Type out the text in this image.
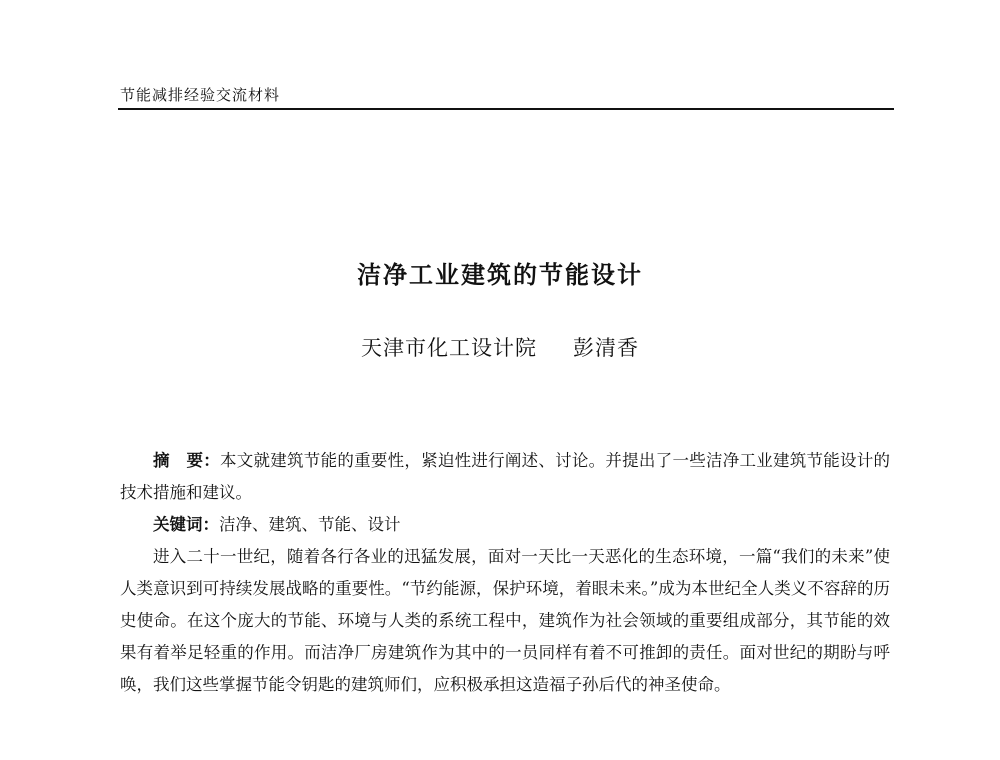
节能减排经验交流材料
洁净工业建筑的节能设计
天津市化工设计院 彭清香

摘　要：本文就建筑节能的重要性，紧迫性进行阐述、讨论。并提出了一些洁净工业建筑节能设计的技术措施和建议。

关键词：洁净、建筑、节能、设计

进入二十一世纪，随着各行各业的迅猛发展，面对一天比一天恶化的生态环境，一篇“我们的未来”使人类意识到可持续发展战略的重要性。“节约能源，保护环境，着眼未来。”成为本世纪全人类义不容辞的历史使命。在这个庞大的节能、环境与人类的系统工程中，建筑作为社会领域的重要组成部分，其节能的效果有着举足轻重的作用。而洁净厂房建筑作为其中的一员同样有着不可推卸的责任。面对世纪的期盼与呼唤，我们这些掌握节能令钥匙的建筑师们，应积极承担这造福子孙后代的神圣使命。
